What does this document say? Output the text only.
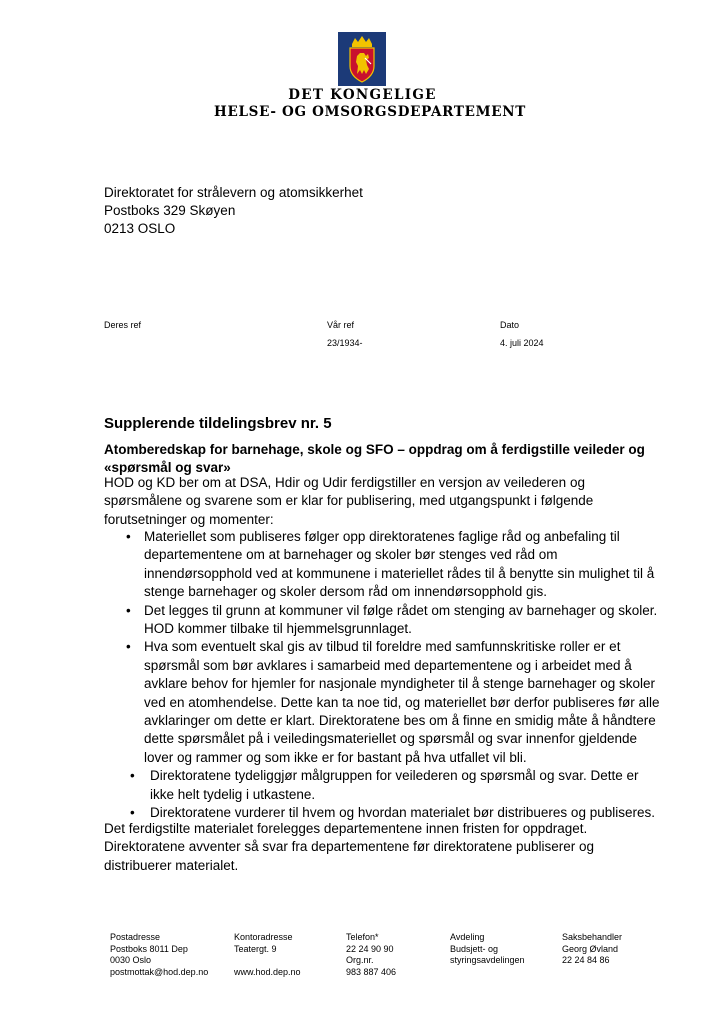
DET KONGELIGE
HELSE- OG OMSORGSDEPARTEMENT
Direktoratet for strålevern og atomsikkerhet
Postboks 329 Skøyen
0213 OSLO
Deres ref	Vår ref
23/1934-
Dato
4. juli 2024
Supplerende tildelingsbrev nr. 5
Atomberedskap for barnehage, skole og SFO – oppdrag om å ferdigstille veileder og «spørsmål og svar»
HOD og KD ber om at DSA, Hdir og Udir ferdigstiller en versjon av veilederen og spørsmålene og svarene som er klar for publisering, med utgangspunkt i følgende forutsetninger og momenter:
• Materiellet som publiseres følger opp direktoratenes faglige råd og anbefaling til departementene om at barnehager og skoler bør stenges ved råd om innendørsopphold ved at kommunene i materiellet rådes til å benytte sin mulighet til å stenge barnehager og skoler dersom råd om innendørsopphold gis.
• Det legges til grunn at kommuner vil følge rådet om stenging av barnehager og skoler. HOD kommer tilbake til hjemmelsgrunnlaget.
• Hva som eventuelt skal gis av tilbud til foreldre med samfunnskritiske roller er et spørsmål som bør avklares i samarbeid med departementene og i arbeidet med å avklare behov for hjemler for nasjonale myndigheter til å stenge barnehager og skoler ved en atomhendelse. Dette kan ta noe tid, og materiellet bør derfor publiseres før alle avklaringer om dette er klart. Direktoratene bes om å finne en smidig måte å håndtere dette spørsmålet på i veiledingsmateriellet og spørsmål og svar innenfor gjeldende lover og rammer og som ikke er for bastant på hva utfallet vil bli.
• Direktoratene tydeliggjør målgruppen for veilederen og spørsmål og svar. Dette er ikke helt tydelig i utkastene.
• Direktoratene vurderer til hvem og hvordan materialet bør distribueres og publiseres.
Det ferdigstilte materialet forelegges departementene innen fristen for oppdraget. Direktoratene avventer så svar fra departementene før direktoratene publiserer og distribuerer materialet.
Postadresse
Postboks 8011 Dep
0030 Oslo
postmottak@hod.dep.no
Kontoradresse
Teatergt. 9

www.hod.dep.no
Telefon*
22 24 90 90
Org.nr.
983 887 406
Avdeling
Budsjett- og
styringsavdelingen
Saksbehandler
Georg Øvland
22 24 84 86
